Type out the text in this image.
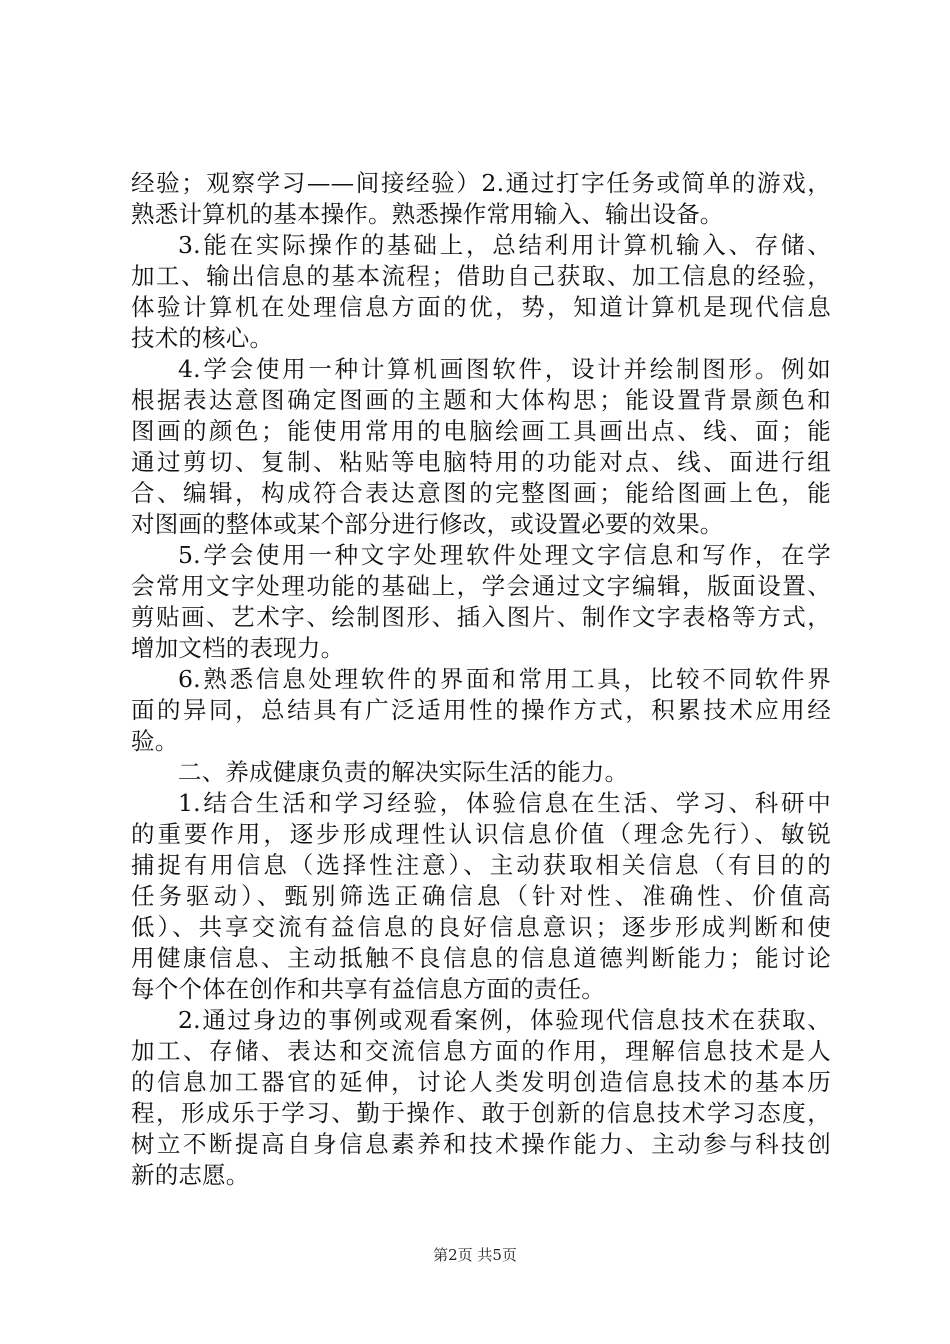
经验；观察学习——间接经验）2.通过打字任务或简单的游戏，
熟悉计算机的基本操作。熟悉操作常用输入、输出设备。
3.能在实际操作的基础上，总结利用计算机输入、存储、
加工、输出信息的基本流程；借助自己获取、加工信息的经验，
体验计算机在处理信息方面的优，势，知道计算机是现代信息
技术的核心。
4.学会使用一种计算机画图软件，设计并绘制图形。例如
根据表达意图确定图画的主题和大体构思；能设置背景颜色和
图画的颜色；能使用常用的电脑绘画工具画出点、线、面；能
通过剪切、复制、粘贴等电脑特用的功能对点、线、面进行组
合、编辑，构成符合表达意图的完整图画；能给图画上色，能
对图画的整体或某个部分进行修改，或设置必要的效果。
5.学会使用一种文字处理软件处理文字信息和写作，在学
会常用文字处理功能的基础上，学会通过文字编辑，版面设置、
剪贴画、艺术字、绘制图形、插入图片、制作文字表格等方式，
增加文档的表现力。
6.熟悉信息处理软件的界面和常用工具，比较不同软件界
面的异同，总结具有广泛适用性的操作方式，积累技术应用经
验。
二、养成健康负责的解决实际生活的能力。
1.结合生活和学习经验，体验信息在生活、学习、科研中
的重要作用，逐步形成理性认识信息价值（理念先行）、敏锐
捕捉有用信息（选择性注意）、主动获取相关信息（有目的的
任务驱动）、甄别筛选正确信息（针对性、准确性、价值高
低）、共享交流有益信息的良好信息意识；逐步形成判断和使
用健康信息、主动抵触不良信息的信息道德判断能力；能讨论
每个个体在创作和共享有益信息方面的责任。
2.通过身边的事例或观看案例，体验现代信息技术在获取、
加工、存储、表达和交流信息方面的作用，理解信息技术是人
的信息加工器官的延伸，讨论人类发明创造信息技术的基本历
程，形成乐于学习、勤于操作、敢于创新的信息技术学习态度，
树立不断提高自身信息素养和技术操作能力、主动参与科技创
新的志愿。
第2页 共5页
